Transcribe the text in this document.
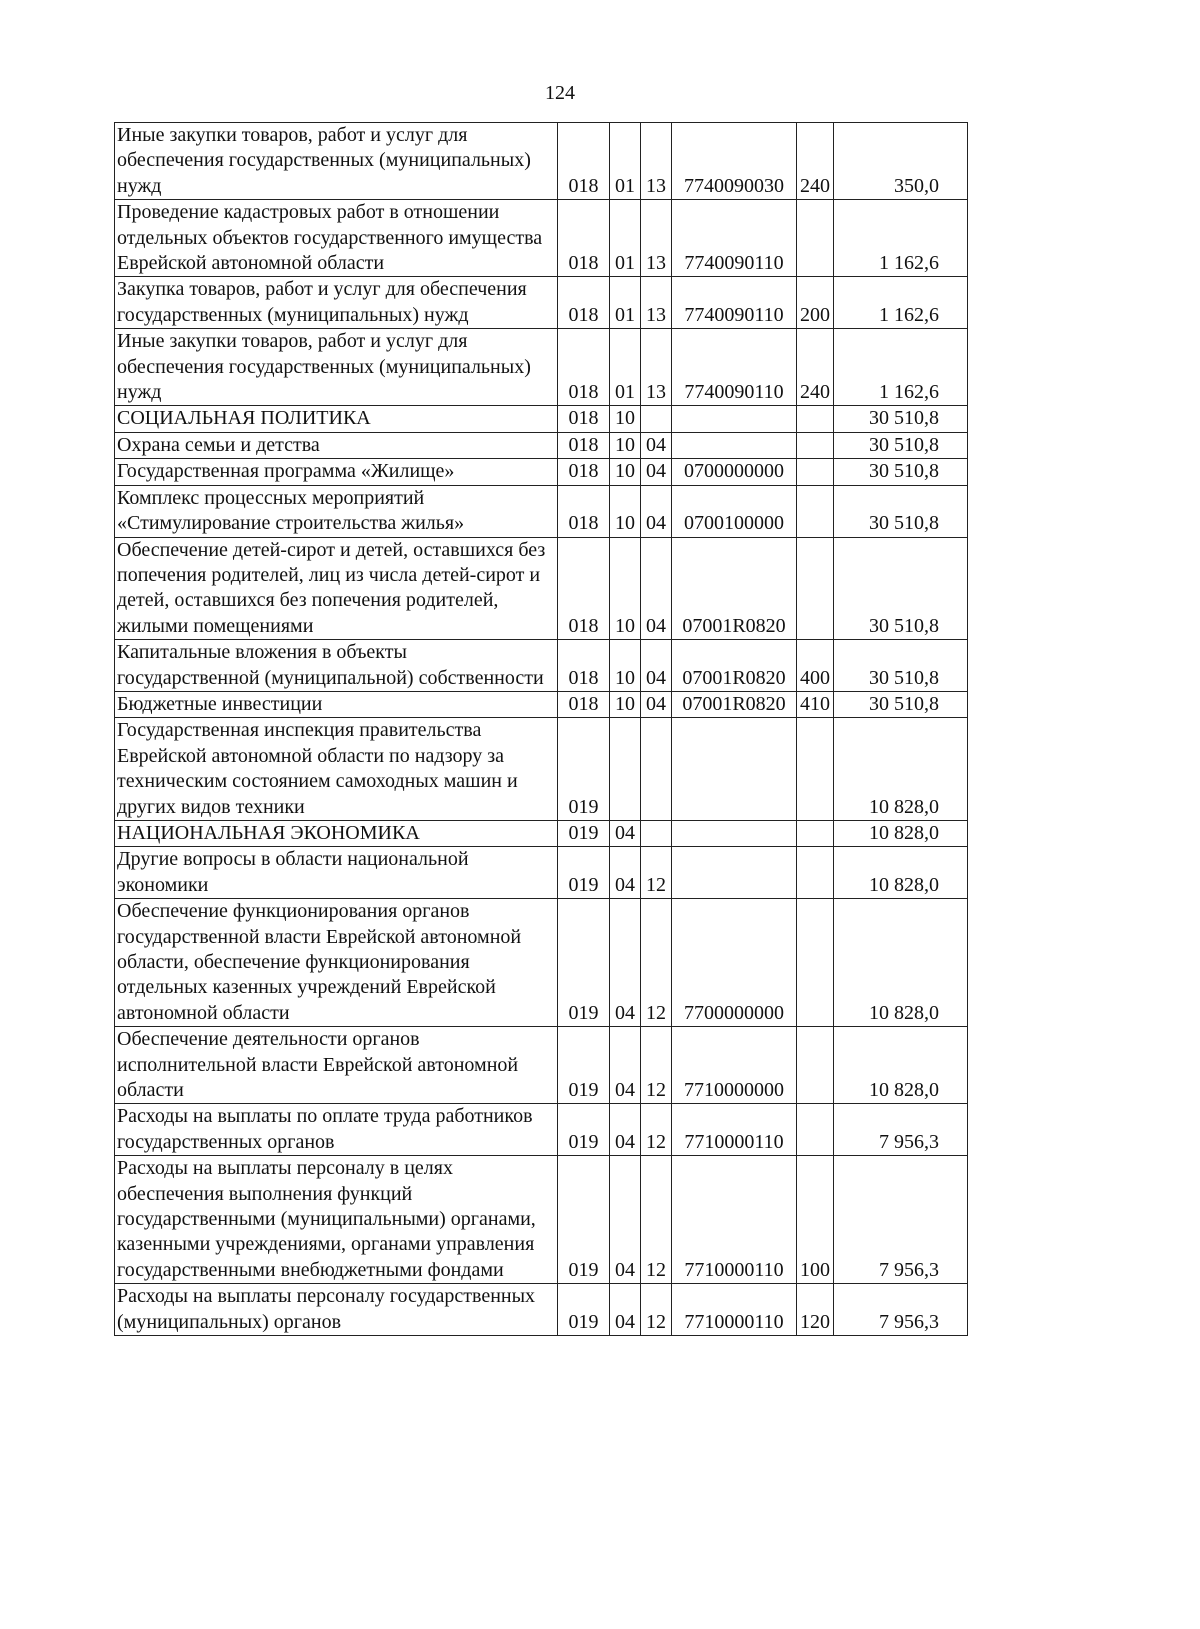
124
Иные закупки товаров, работ и услуг для обеспечения государственных (муниципальных) нужд	018	01	13	7740090030	240	350,0
Проведение кадастровых работ в отношении отдельных объектов государственного имущества Еврейской автономной области	018	01	13	7740090110		1 162,6
Закупка товаров, работ и услуг для обеспечения государственных (муниципальных) нужд	018	01	13	7740090110	200	1 162,6
Иные закупки товаров, работ и услуг для обеспечения государственных (муниципальных) нужд	018	01	13	7740090110	240	1 162,6
СОЦИАЛЬНАЯ ПОЛИТИКА	018	10				30 510,8
Охрана семьи и детства	018	10	04			30 510,8
Государственная программа «Жилище»	018	10	04	0700000000		30 510,8
Комплекс процессных мероприятий «Стимулирование строительства жилья»	018	10	04	0700100000		30 510,8
Обеспечение детей-сирот и детей, оставшихся без попечения родителей, лиц из числа детей-сирот и детей, оставшихся без попечения родителей, жилыми помещениями	018	10	04	07001R0820		30 510,8
Капитальные вложения в объекты государственной (муниципальной) собственности	018	10	04	07001R0820	400	30 510,8
Бюджетные инвестиции	018	10	04	07001R0820	410	30 510,8
Государственная инспекция правительства Еврейской автономной области по надзору за техническим состоянием самоходных машин и других видов техники	019					10 828,0
НАЦИОНАЛЬНАЯ ЭКОНОМИКА	019	04				10 828,0
Другие вопросы в области национальной экономики	019	04	12			10 828,0
Обеспечение функционирования органов государственной власти Еврейской автономной области, обеспечение функционирования отдельных казенных учреждений Еврейской автономной области	019	04	12	7700000000		10 828,0
Обеспечение деятельности органов исполнительной власти Еврейской автономной области	019	04	12	7710000000		10 828,0
Расходы на выплаты по оплате труда работников государственных органов	019	04	12	7710000110		7 956,3
Расходы на выплаты персоналу в целях обеспечения выполнения функций государственными (муниципальными) органами, казенными учреждениями, органами управления государственными внебюджетными фондами	019	04	12	7710000110	100	7 956,3
Расходы на выплаты персоналу государственных (муниципальных) органов	019	04	12	7710000110	120	7 956,3
